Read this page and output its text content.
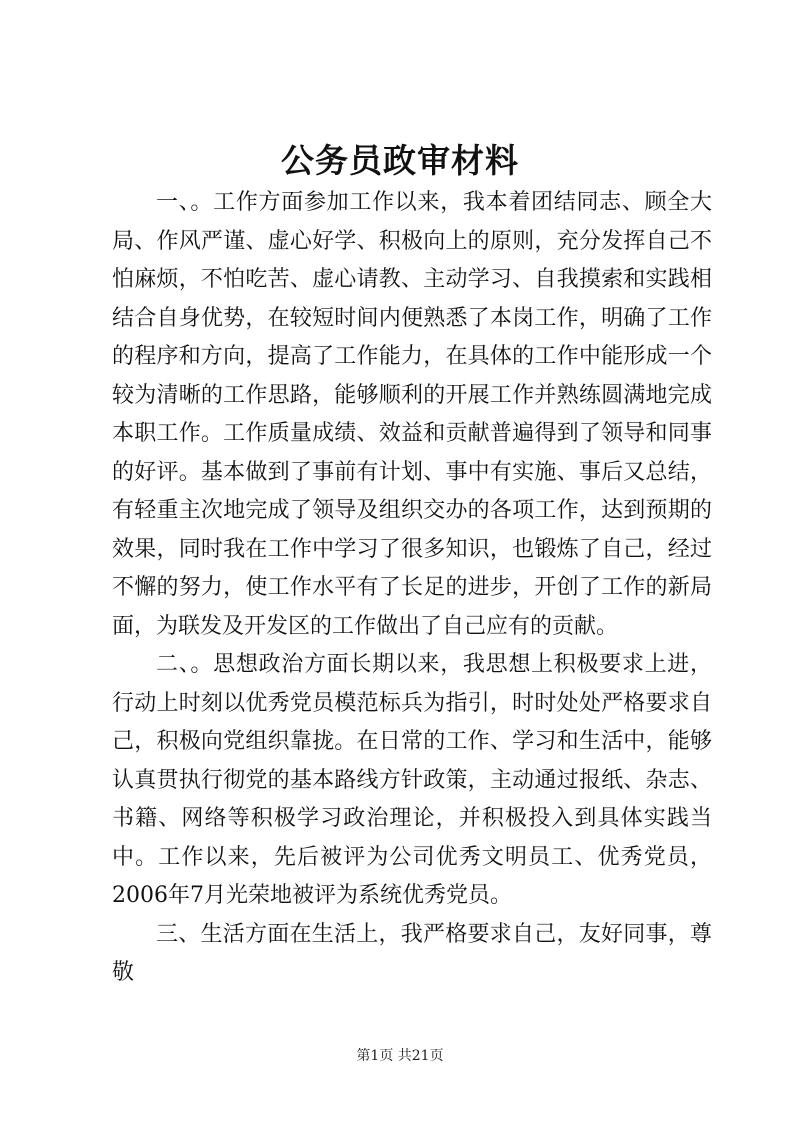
公务员政审材料

一、。工作方面参加工作以来，我本着团结同志、顾全大局、作风严谨、虚心好学、积极向上的原则，充分发挥自己不怕麻烦，不怕吃苦、虚心请教、主动学习、自我摸索和实践相结合自身优势，在较短时间内便熟悉了本岗工作，明确了工作的程序和方向，提高了工作能力，在具体的工作中能形成一个较为清晰的工作思路，能够顺利的开展工作并熟练圆满地完成本职工作。工作质量成绩、效益和贡献普遍得到了领导和同事的好评。基本做到了事前有计划、事中有实施、事后又总结，有轻重主次地完成了领导及组织交办的各项工作，达到预期的效果，同时我在工作中学习了很多知识，也锻炼了自己，经过不懈的努力，使工作水平有了长足的进步，开创了工作的新局面，为联发及开发区的工作做出了自己应有的贡献。

二、。思想政治方面长期以来，我思想上积极要求上进，行动上时刻以优秀党员模范标兵为指引，时时处处严格要求自己，积极向党组织靠拢。在日常的工作、学习和生活中，能够认真贯执行彻党的基本路线方针政策，主动通过报纸、杂志、书籍、网络等积极学习政治理论，并积极投入到具体实践当中。工作以来，先后被评为公司优秀文明员工、优秀党员，2006年7月光荣地被评为系统优秀党员。

三、生活方面在生活上，我严格要求自己，友好同事，尊敬

第1页 共21页
